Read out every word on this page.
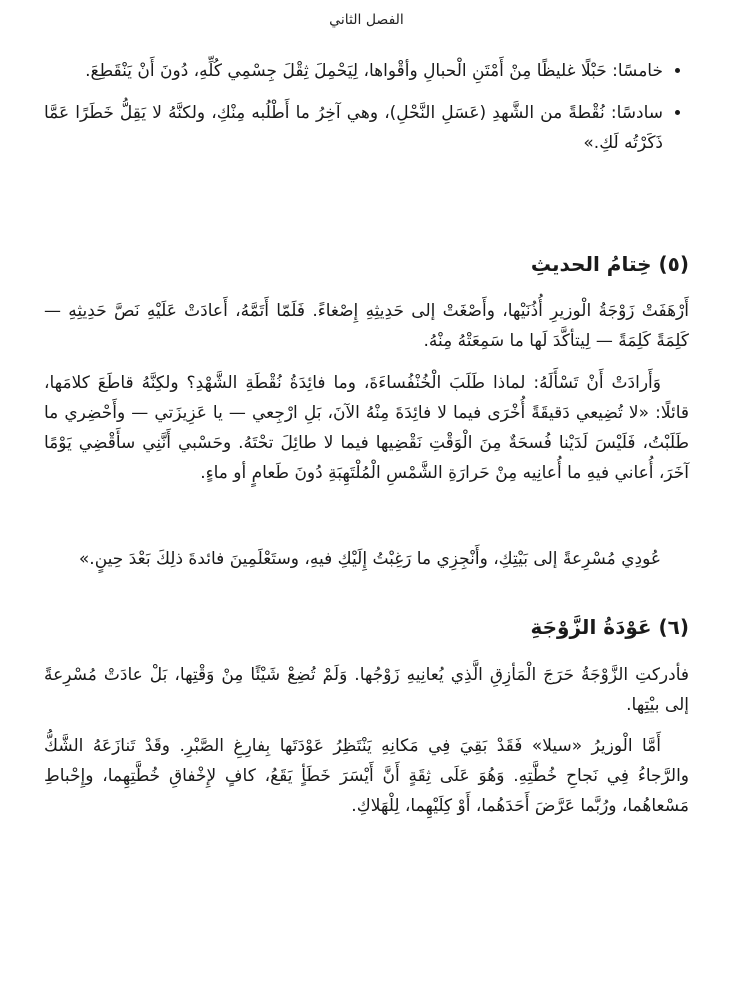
الفصل الثاني
• خامسًا: حَبْلًا غليظًا مِنْ أَمْتَنِ الْحبالِ وأقْواها، لِيَحْمِلَ ثِقْلَ جِسْمِي كُلِّهِ، دُونَ أَنْ يَنْقَطِعَ.
• سادسًا: نُقْطةً من الشَّهدِ (عَسَلِ النَّحْلِ)، وهي آخِرُ ما أَطْلُبه مِنْكِ، ولكنَّهُ لا يَقِلُّ خَطَرًا عَمَّا ذَكَرْتُه لَكِ.»
(٥) خِتامُ الحديثِ

أَرْهَفَتْ زَوْجَةُ الْوزيرِ أُذُنَيْها، وأَصْغَتْ إلى حَدِيثِهِ إِصْغاءً. فَلَمّا أَتَمَّهُ، أَعادَتْ عَلَيْهِ نَصَّ حَدِيثِهِ — كَلِمَةً كَلِمَةً — لِيتأكَّدَ لَها ما سَمِعَتْهُ مِنْهُ.

وَأَرادَتْ أَنْ تَسْأَلَهُ: لماذا طَلَبَ الْخُنْفُساءَةَ، وما فائِدَةُ نُقْطَةِ الشَّهْدِ؟ ولكِنَّهُ قاطَعَ كلامَها، قائلًا: «لا تُضِيعي دَقيقَةً أُخْرَى فيما لا فائِدَةَ مِنْهُ الآنَ، بَلِ ارْجِعي — يا عَزِيزَتي — وأَحْضِري ما طَلَبْتُ، فَلَيْسَ لَدَيْنا فُسحَةٌ مِنَ الْوَقْتِ نَقْضِيها فيما لا طائِلَ تحْتَهُ. وحَسْبي أَنَّنِي سأَقْضِي يَوْمًا آخَرَ، أُعاني فيهِ ما أُعانِيه مِنْ حَرارَةِ الشَّمْسِ الْمُلْتَهِبَةِ دُونَ طَعامٍ أو ماءٍ.

عُودِي مُسْرِعةً إلى بَيْتِكِ، وأَنْجِزِي ما رَغِبْتُ إِلَيْكِ فيهِ، وستَعْلَمِينَ فائدةَ ذلِكَ بَعْدَ حِينٍ.»

(٦) عَوْدَةُ الزَّوْجَةِ

فأدركتِ الزَّوْجَةُ حَرَجَ الْمَأزِقِ الَّذِي يُعانِيهِ زَوْجُها. وَلَمْ تُضِعْ شَيْئًا مِنْ وَقْتِها، بَلْ عادَتْ مُسْرِعةً إلى بيْتِها.

أَمَّا الْوزيرُ «سيلا» فَقَدْ بَقِيَ فِي مَكانِهِ يَنْتَظِرُ عَوْدَتَها بِفارِغِ الصَّبْرِ. وقَدْ تَنازَعَهُ الشَّكُّ والرَّجاءُ فِي نَجاحِ خُطَّتِهِ. وَهُوَ عَلَى ثِقَةٍ أَنَّ أَيْسَرَ خَطَأٍ يَقَعُ، كافٍ لإِخْفاقِ خُطَّتِهِما، وإِحْباطِ مَسْعاهُما، ورُبَّما عَرَّضَ أَحَدَهُما، أَوْ كِلَيْهِما، لِلْهَلاكِ.
